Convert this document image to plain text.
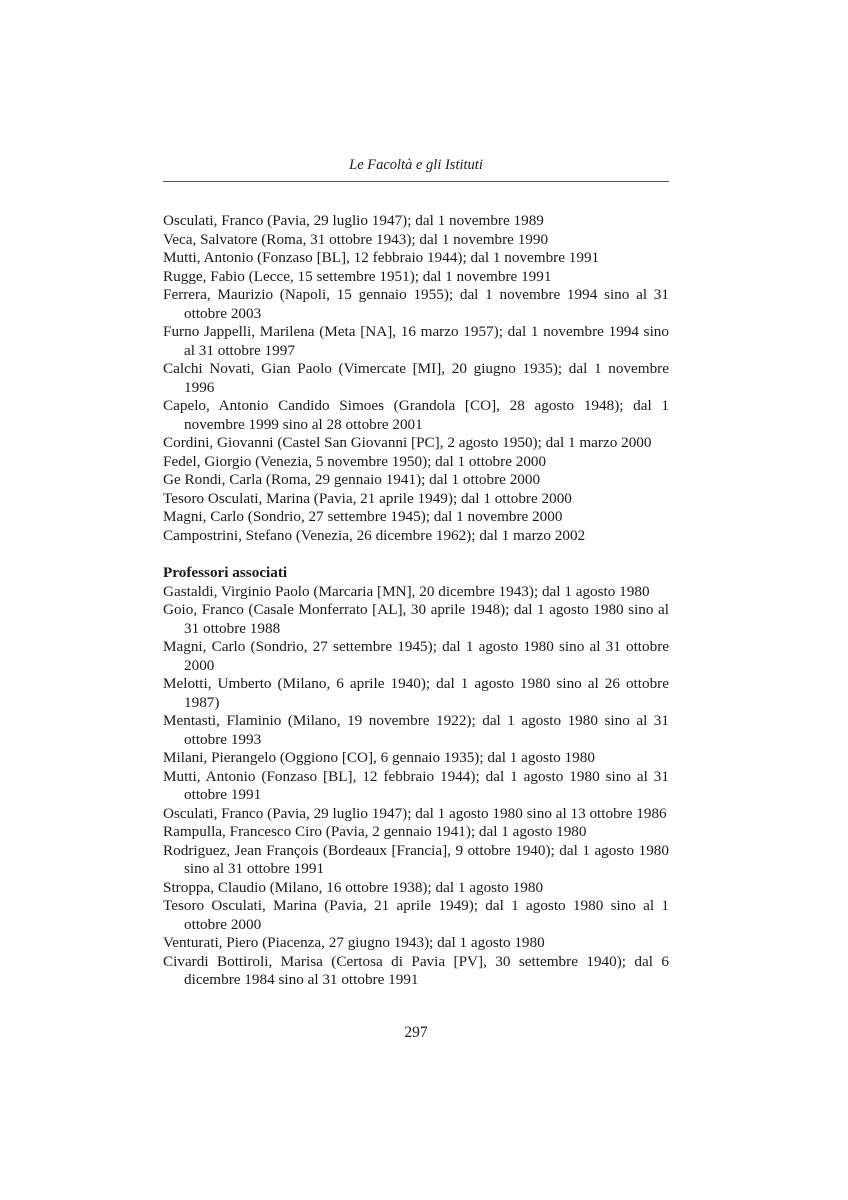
Le Facoltà e gli Istituti

Osculati, Franco (Pavia, 29 luglio 1947); dal 1 novembre 1989

Veca, Salvatore (Roma, 31 ottobre 1943); dal 1 novembre 1990

Mutti, Antonio (Fonzaso [BL], 12 febbraio 1944); dal 1 novembre 1991

Rugge, Fabio (Lecce, 15 settembre 1951); dal 1 novembre 1991

Ferrera, Maurizio (Napoli, 15 gennaio 1955); dal 1 novembre 1994 sino al 31 ottobre 2003

Furno Jappelli, Marilena (Meta [NA], 16 marzo 1957); dal 1 novembre 1994 sino al 31 ottobre 1997

Calchi Novati, Gian Paolo (Vimercate [MI], 20 giugno 1935); dal 1 novembre 1996

Capelo, Antonio Candido Simoes (Grandola [CO], 28 agosto 1948); dal 1 novembre 1999 sino al 28 ottobre 2001

Cordini, Giovanni (Castel San Giovanni [PC], 2 agosto 1950); dal 1 marzo 2000

Fedel, Giorgio (Venezia, 5 novembre 1950); dal 1 ottobre 2000

Ge Rondi, Carla (Roma, 29 gennaio 1941); dal 1 ottobre 2000

Tesoro Osculati, Marina (Pavia, 21 aprile 1949); dal 1 ottobre 2000

Magni, Carlo (Sondrio, 27 settembre 1945); dal 1 novembre 2000

Campostrini, Stefano (Venezia, 26 dicembre 1962); dal 1 marzo 2002

Professori associati

Gastaldi, Virginio Paolo (Marcaria [MN], 20 dicembre 1943); dal 1 agosto 1980

Goio, Franco (Casale Monferrato [AL], 30 aprile 1948); dal 1 agosto 1980 sino al 31 ottobre 1988

Magni, Carlo (Sondrio, 27 settembre 1945); dal 1 agosto 1980 sino al 31 ottobre 2000

Melotti, Umberto (Milano, 6 aprile 1940); dal 1 agosto 1980 sino al 26 ottobre 1987)

Mentasti, Flaminio (Milano, 19 novembre 1922); dal 1 agosto 1980 sino al 31 ottobre 1993

Milani, Pierangelo (Oggiono [CO], 6 gennaio 1935); dal 1 agosto 1980

Mutti, Antonio (Fonzaso [BL], 12 febbraio 1944); dal 1 agosto 1980 sino al 31 ottobre 1991

Osculati, Franco (Pavia, 29 luglio 1947); dal 1 agosto 1980 sino al 13 ottobre 1986

Rampulla, Francesco Ciro (Pavia, 2 gennaio 1941); dal 1 agosto 1980

Rodriguez, Jean François (Bordeaux [Francia], 9 ottobre 1940); dal 1 agosto 1980 sino al 31 ottobre 1991

Stroppa, Claudio (Milano, 16 ottobre 1938); dal 1 agosto 1980

Tesoro Osculati, Marina (Pavia, 21 aprile 1949); dal 1 agosto 1980 sino al 1 ottobre 2000

Venturati, Piero (Piacenza, 27 giugno 1943); dal 1 agosto 1980

Civardi Bottiroli, Marisa (Certosa di Pavia [PV], 30 settembre 1940); dal 6 dicembre 1984 sino al 31 ottobre 1991

297
